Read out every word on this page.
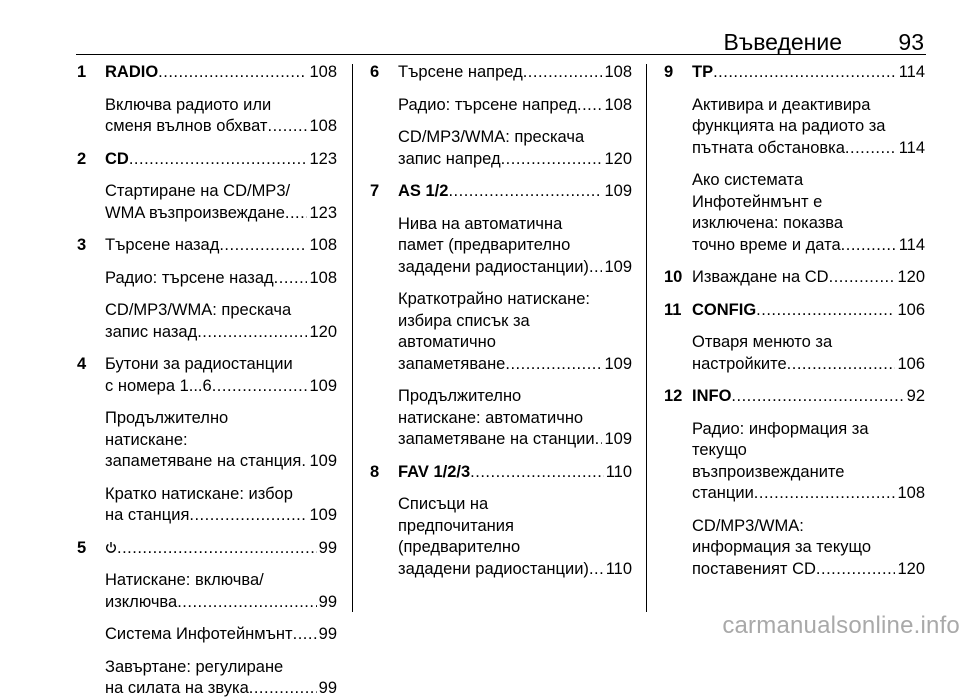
Въведение 93
1 RADIO .....	108
Включва радиото или
сменя вълнов обхват .....	108
2 CD .....	123
Стартиране на CD/MP3/
WMA възпроизвеждане ..... 123
3 Търсене назад .....	108
Радио: търсене назад ..... 108
CD/MP3/WMA: прескача
запис назад .....	120
4 Бутони за радиостанции
с номера 1...6 .....	109
Продължително
натискане:
запаметяване на станция ..... 109
Кратко натискане: избор
на станция .....	109
5 .....	99
Натискане: включва/
изключва .....	99
Система Инфотейнмънт ..... 99
Завъртане: регулиране
на силата на звука .....	99
6 Търсене напред .....	108
Радио: търсене напред ..... 108
CD/MP3/WMA: прескача
запис напред .....	120
7 AS 1/2 .....	109
Нива на автоматична
памет (предварително
зададени радиостанции) ..... 109
Краткотрайно натискане:
избира списък за
автоматично
запаметяване .....	109
Продължително
натискане: автоматично
запаметяване на станции ..... 109
8 FAV 1/2/3 .....	110
Списъци на
предпочитания
(предварително
зададени радиостанции) ..... 110
9 TP .....	114
Активира и деактивира
функцията на радиото за
пътната обстановка .....	114
Ако системата
Инфотейнмънт е
изключена: показва
точно време и дата .....	114
10 Изваждане на CD .....	120
11 CONFIG .....	106
Отваря менюто за
настройките .....	106
12 INFO .....	92
Радио: информация за
текущо
възпроизвежданите
станции .....	108
CD/MP3/WMA:
информация за текущо
поставеният CD .....	120
carmanualsonline.info
